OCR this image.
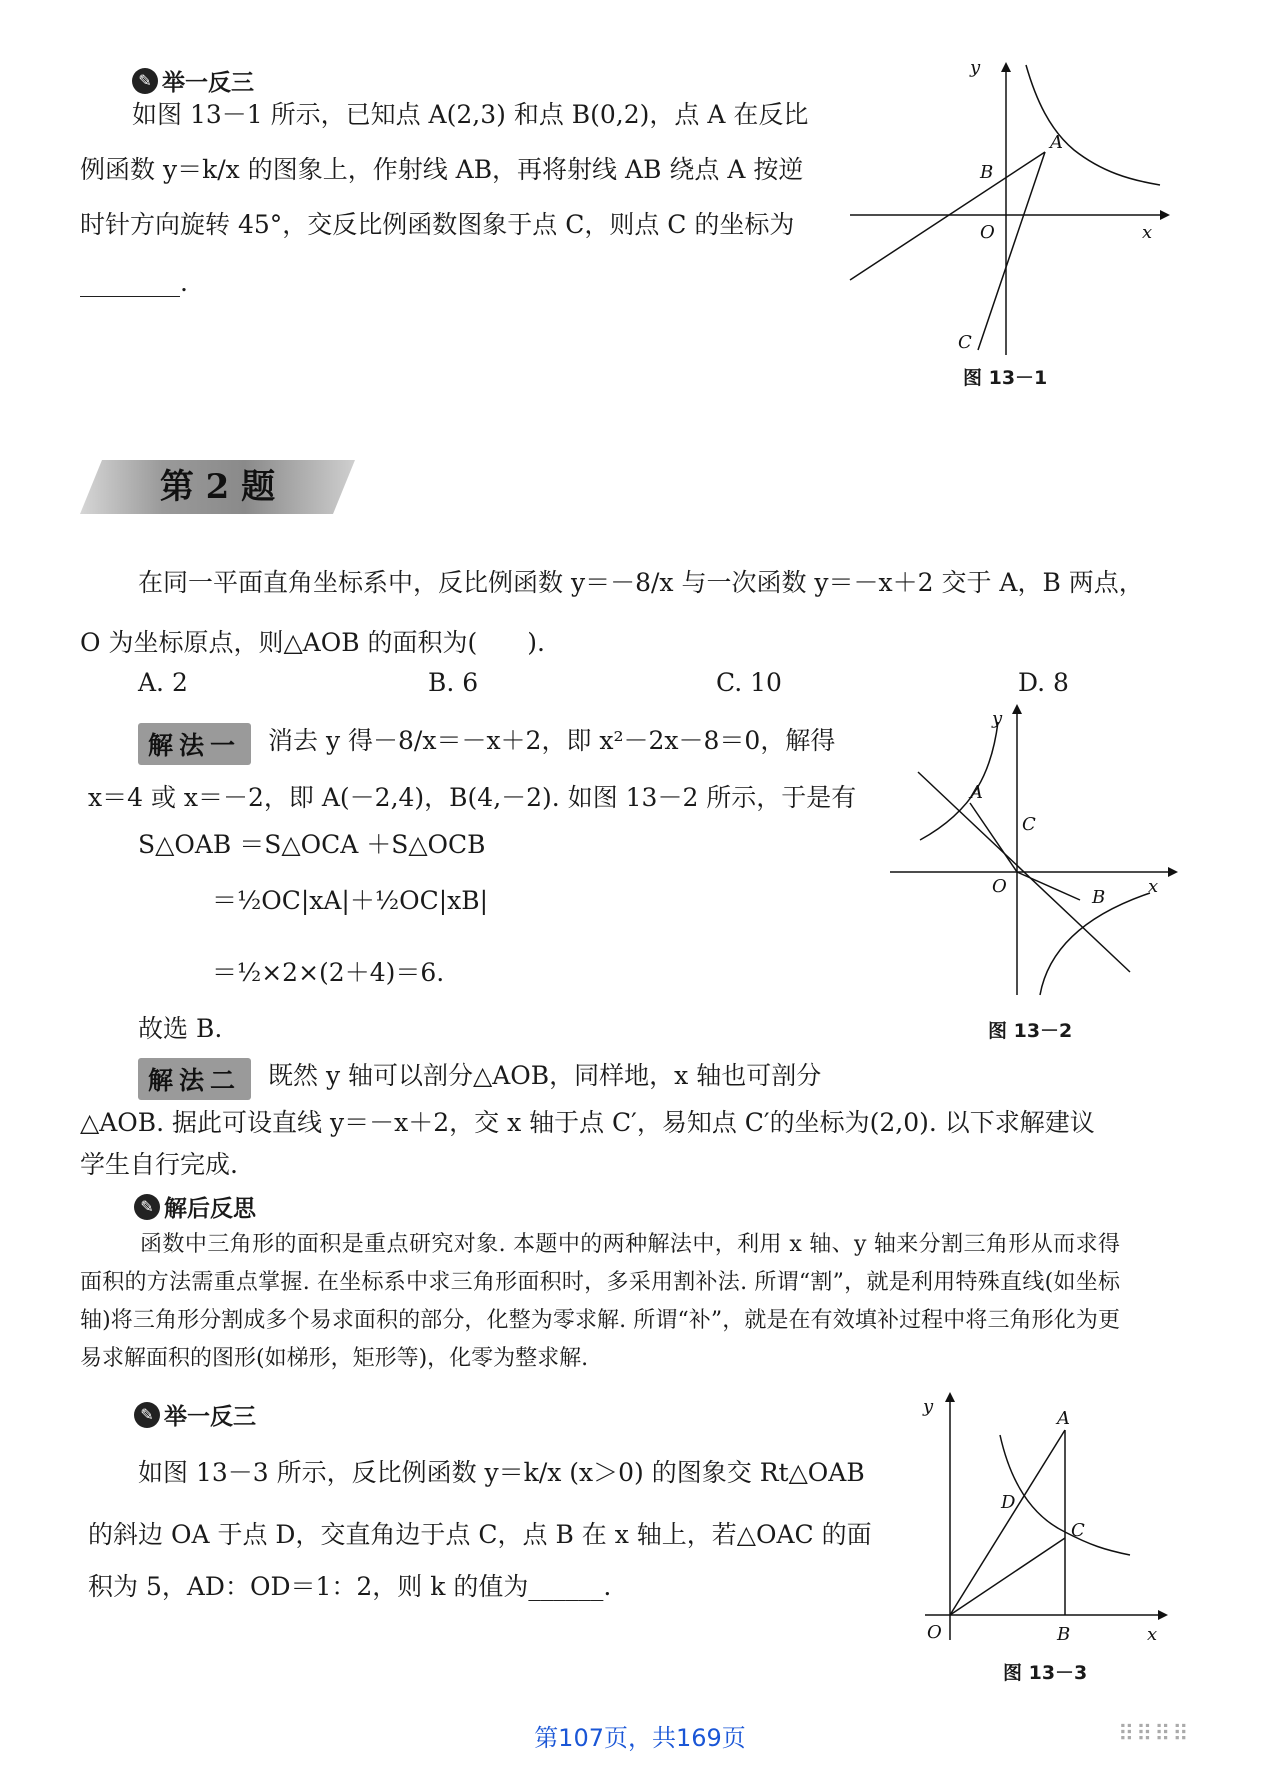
✎ 举一反三
如图 13－1 所示，已知点 A(2,3) 和点 B(0,2)，点 A 在反比
例函数 y＝k/x 的图象上，作射线 AB，再将射线 AB 绕点 A 按逆
时针方向旋转 45°，交反比例函数图象于点 C，则点 C 的坐标为
________.
y
x
O
A
B
C
图 13－1
第 2 题
在同一平面直角坐标系中，反比例函数 y＝－8/x 与一次函数 y＝－x＋2 交于 A，B 两点，
O 为坐标原点，则△AOB 的面积为(　　).
A. 2	B. 6	C. 10	D. 8
解法一	消去 y 得－8/x＝－x＋2，即 x²－2x－8＝0，解得
x＝4 或 x＝－2，即 A(－2,4)，B(4,－2). 如图 13－2 所示，于是有
S△OAB ＝S△OCA ＋S△OCB
＝½OC|xA|＋½OC|xB|
＝½×2×(2＋4)＝6.
故选 B.
y
x
O
A
B
C
图 13－2
解法二	既然 y 轴可以剖分△AOB，同样地，x 轴也可剖分
△AOB. 据此可设直线 y＝－x＋2，交 x 轴于点 C′，易知点 C′的坐标为(2,0). 以下求解建议
学生自行完成.
✎ 解后反思
函数中三角形的面积是重点研究对象. 本题中的两种解法中，利用 x 轴、y 轴来分割三角形从而求得面积的方法需重点掌握. 在坐标系中求三角形面积时，多采用割补法. 所谓“割”，就是利用特殊直线(如坐标轴)将三角形分割成多个易求面积的部分，化整为零求解. 所谓“补”，就是在有效填补过程中将三角形化为更易求解面积的图形(如梯形，矩形等)，化零为整求解.
✎ 举一反三
如图 13－3 所示，反比例函数 y＝k/x (x＞0) 的图象交 Rt△OAB
的斜边 OA 于点 D，交直角边于点 C，点 B 在 x 轴上，若△OAC 的面
积为 5，AD：OD＝1：2，则 k 的值为______.
y
x
O
A
B
C
D
图 13－3
第107页，共169页	⠿⠿⠿⠿
